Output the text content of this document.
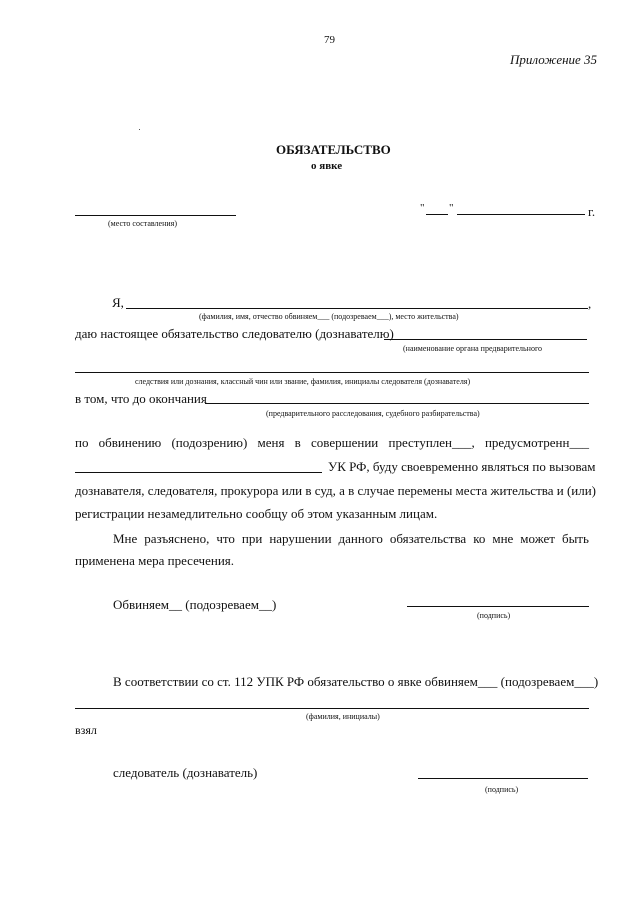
79
Приложение 35
ОБЯЗАТЕЛЬСТВО
о явке
(место составления)
" "	г.
Я,	,
(фамилия, имя, отчество обвиняем___ (подозреваем___), место жительства)
даю настоящее обязательство следователю (дознавателю)
(наименование органа предварительного
следствия или дознания, классный чин или звание, фамилия, инициалы следователя (дознавателя)
в том, что до окончания
(предварительного расследования, судебного разбирательства)
по обвинению (подозрению) меня в совершении преступлен___, предусмотренн___
УК РФ, буду своевременно являться по вызовам
дознавателя, следователя, прокурора или в суд, а в случае перемены места жительства и (или)
регистрации незамедлительно сообщу об этом указанным лицам.
Мне разъяснено, что при нарушении данного обязательства ко мне может быть
применена мера пресечения.
Обвиняем__ (подозреваем__)
(подпись)
В соответствии со ст. 112 УПК РФ обязательство о явке обвиняем___ (подозреваем___)
(фамилия, инициалы)
взял
следователь (дознаватель)
(подпись)
